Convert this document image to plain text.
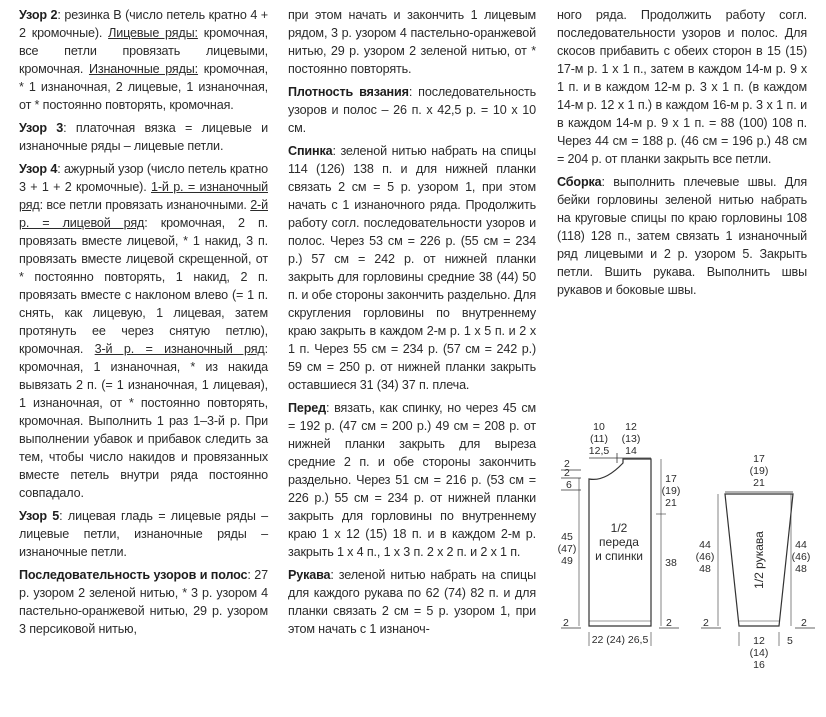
Узор 2: резинка В (число петель кратно 4 + 2 кромочные). Лицевые ряды: кромочная, все петли провязать лицевыми, кромочная. Изнаночные ряды: кромочная, * 1 изнаночная, 2 лицевые, 1 изнаночная, от * постоянно повторять, кромочная.

Узор 3: платочная вязка = лицевые и изнаночные ряды – лицевые петли.

Узор 4: ажурный узор (число петель кратно 3 + 1 + 2 кромочные). 1-й р. = изнаночный ряд: все петли провязать изнаночными. 2-й р. = лицевой ряд: кромочная, 2 п. провязать вместе лицевой, * 1 накид, 3 п. провязать вместе лицевой скрещенной, от * постоянно повторять, 1 накид, 2 п. провязать вместе с наклоном влево (= 1 п. снять, как лицевую, 1 лицевая, затем протянуть ее через снятую петлю), кромочная. 3-й р. = изнаночный ряд: кромочная, 1 изнаночная, * из накида вывязать 2 п. (= 1 изнаночная, 1 лицевая), 1 изнаночная, от * постоянно повторять, кромочная. Выполнить 1 раз 1–3-й р. При выполнении убавок и прибавок следить за тем, чтобы число накидов и провязанных вместе петель внутри ряда постоянно совпадало.

Узор 5: лицевая гладь = лицевые ряды – лицевые петли, изнаночные ряды – изнаночные петли.

Последовательность узоров и полос: 27 р. узором 2 зеленой нитью, * 3 р. узором 4 пастельно-оранжевой нитью, 29 р. узором 3 персиковой нитью,

при этом начать и закончить 1 лицевым рядом, 3 р. узором 4 пастельно-оранжевой нитью, 29 р. узором 2 зеленой нитью, от * постоянно повторять.

Плотность вязания: последовательность узоров и полос – 26 п. х 42,5 р. = 10 х 10 см.

Спинка: зеленой нитью набрать на спицы 114 (126) 138 п. и для нижней планки связать 2 см = 5 р. узором 1, при этом начать с 1 изнаночного ряда. Продолжить работу согл. последовательности узоров и полос. Через 53 см = 226 р. (55 см = 234 р.) 57 см = 242 р. от нижней планки закрыть для горловины средние 38 (44) 50 п. и обе стороны закончить раздельно. Для скругления горловины по внутреннему краю закрыть в каждом 2-м р. 1 х 5 п. и 2 х 1 п. Через 55 см = 234 р. (57 см = 242 р.) 59 см = 250 р. от нижней планки закрыть оставшиеся 31 (34) 37 п. плеча.

Перед: вязать, как спинку, но через 45 см = 192 р. (47 см = 200 р.) 49 см = 208 р. от нижней планки закрыть для выреза средние 2 п. и обе стороны закончить раздельно. Через 51 см = 216 р. (53 см = 226 р.) 55 см = 234 р. от нижней планки закрыть для горловины по внутреннему краю 1 х 12 (15) 18 п. и в каждом 2-м р. закрыть 1 х 4 п., 1 х 3 п. 2 х 2 п. и 2 х 1 п.

Рукава: зеленой нитью набрать на спицы для каждого рукава по 62 (74) 82 п. и для планки связать 2 см = 5 р. узором 1, при этом начать с 1 изнаноч-

ного ряда. Продолжить работу согл. последовательности узоров и полос. Для скосов прибавить с обеих сторон в 15 (15) 17-м р. 1 х 1 п., затем в каждом 14-м р. 9 х 1 п. и в каждом 12-м р. 3 х 1 п. (в каждом 14-м р. 12 х 1 п.) в каждом 16-м р. 3 х 1 п. и в каждом 14-м р. 9 х 1 п. = 88 (100) 108 п. Через 44 см = 188 р. (46 см = 196 р.) 48 см = 204 р. от планки закрыть все петли.

Сборка: выполнить плечевые швы. Для бейки горловины зеленой нитью набрать на круговые спицы по краю горловины 108 (118) 128 п., затем связать 1 изнаночный ряд лицевыми и 2 р. узором 5. Закрыть петли. Вшить рукава. Выполнить швы рукавов и боковые швы.

10
(11)
12,5
12
(13)
14
2
2
6
1/2
переда
и спинки
45
(47)
49
17
(19)
21
38
2	2
22 (24) 26,5
17
(19)
21
1/2 рукава
44
(46)
48
44
(46)
48
2	2
12
(14)
16
5
